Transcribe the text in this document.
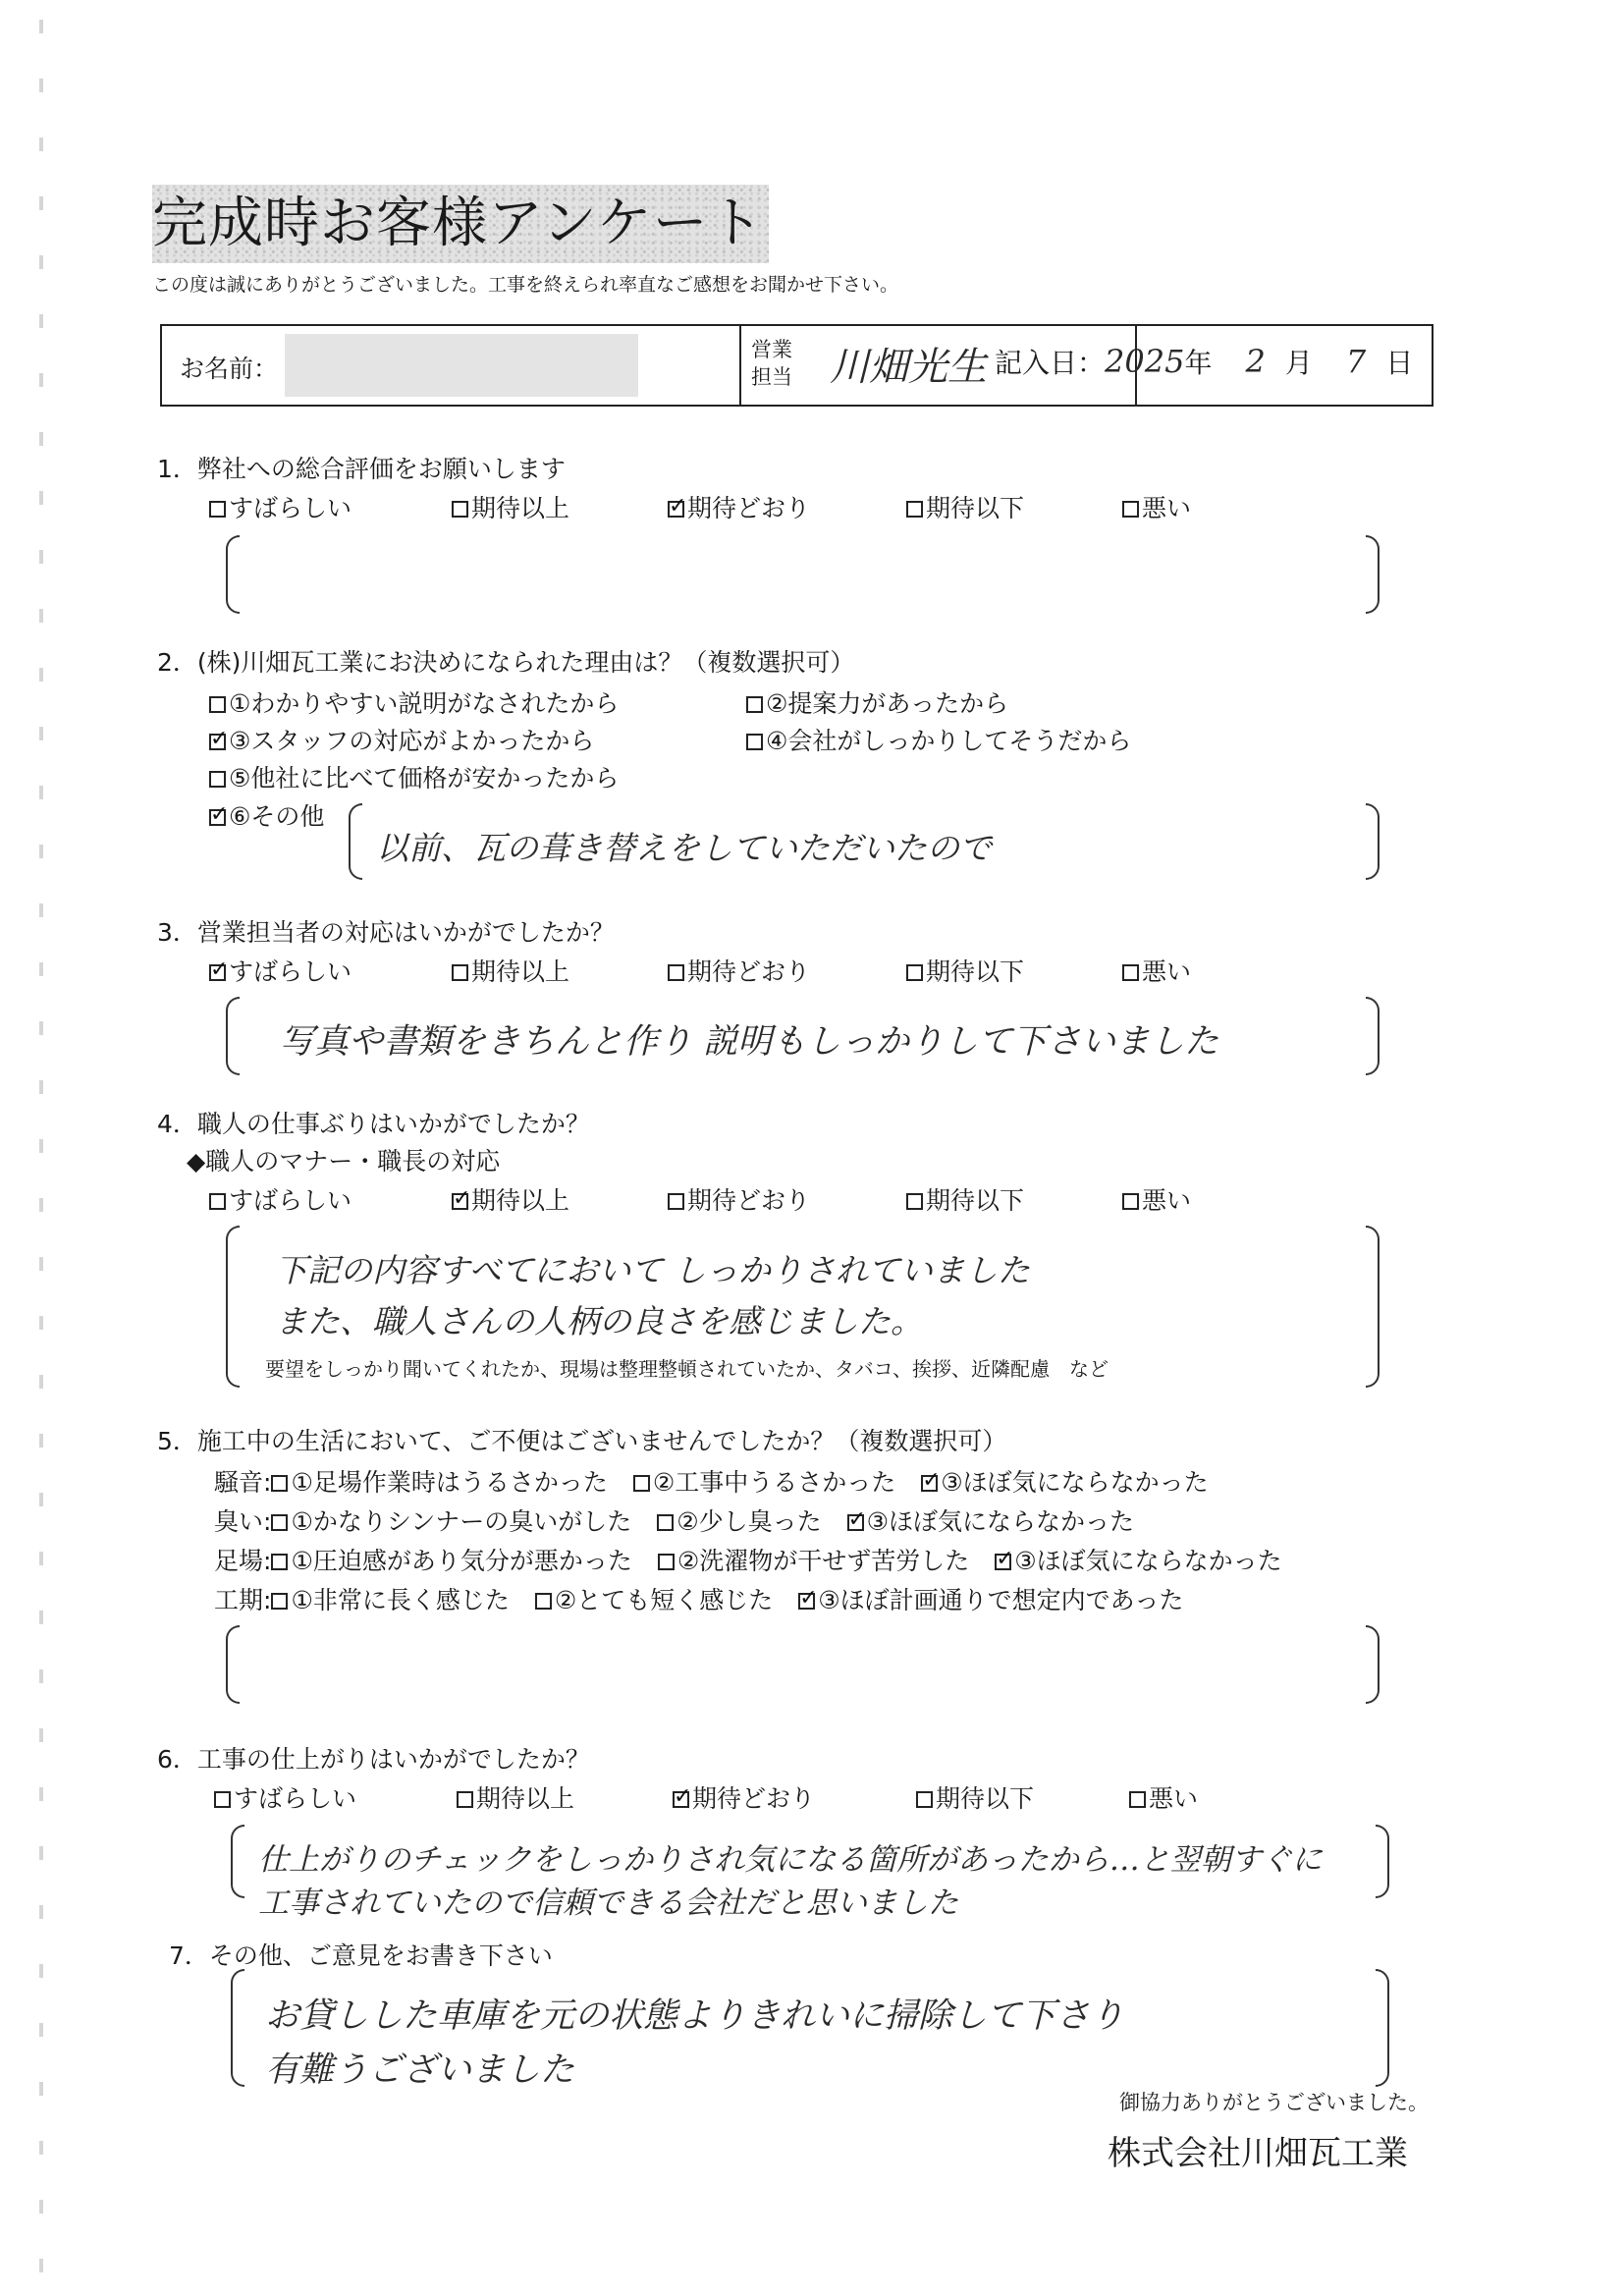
完成時お客様アンケート
この度は誠にありがとうございました。工事を終えられ率直なご感想をお聞かせ下さい。
お名前：
営業
担当 川畑光生 記入日：2025年 2 月 7 日
1．弊社への総合評価をお願いします
すばらしい	期待以上 ✓	期待どおり	期待以下	悪い
2．(株)川畑瓦工業にお決めになられた理由は？（複数選択可）
①わかりやすい説明がなされたから	②提案力があったから
✓③スタッフの対応がよかったから	④会社がしっかりしてそうだから
⑤他社に比べて価格が安かったから
✓⑥その他
以前、瓦の葺き替えをしていただいたので
3．営業担当者の対応はいかがでしたか？
✓すばらしい	期待以上	期待どおり	期待以下	悪い
写真や書類をきちんと作り 説明もしっかりして下さいました
4．職人の仕事ぶりはいかがでしたか？
◆職人のマナー・職長の対応
すばらしい ✓	期待以上	期待どおり	期待以下	悪い
下記の内容すべてにおいて しっかりされていました
また、職人さんの人柄の良さを感じました。
要望をしっかり聞いてくれたか、現場は整理整頓されていたか、タバコ、挨拶、近隣配慮　など
5．施工中の生活において、ご不便はございませんでしたか？（複数選択可）
騒音: ①足場作業時はうるさかった ②工事中うるさかった ✓ ③ほぼ気にならなかった
臭い: ①かなりシンナーの臭いがした ②少し臭った ✓ ③ほぼ気にならなかった
足場: ①圧迫感があり気分が悪かった ②洗濯物が干せず苦労した ✓ ③ほぼ気にならなかった
工期: ①非常に長く感じた ②とても短く感じた ✓ ③ほぼ計画通りで想定内であった
6．工事の仕上がりはいかがでしたか？
すばらしい	期待以上 ✓	期待どおり	期待以下	悪い
仕上がりのチェックをしっかりされ気になる箇所があったから…と翌朝すぐに
工事されていたので信頼できる会社だと思いました
7．その他、ご意見をお書き下さい
お貸しした車庫を元の状態よりきれいに掃除して下さり
有難うございました
御協力ありがとうございました。
株式会社川畑瓦工業
